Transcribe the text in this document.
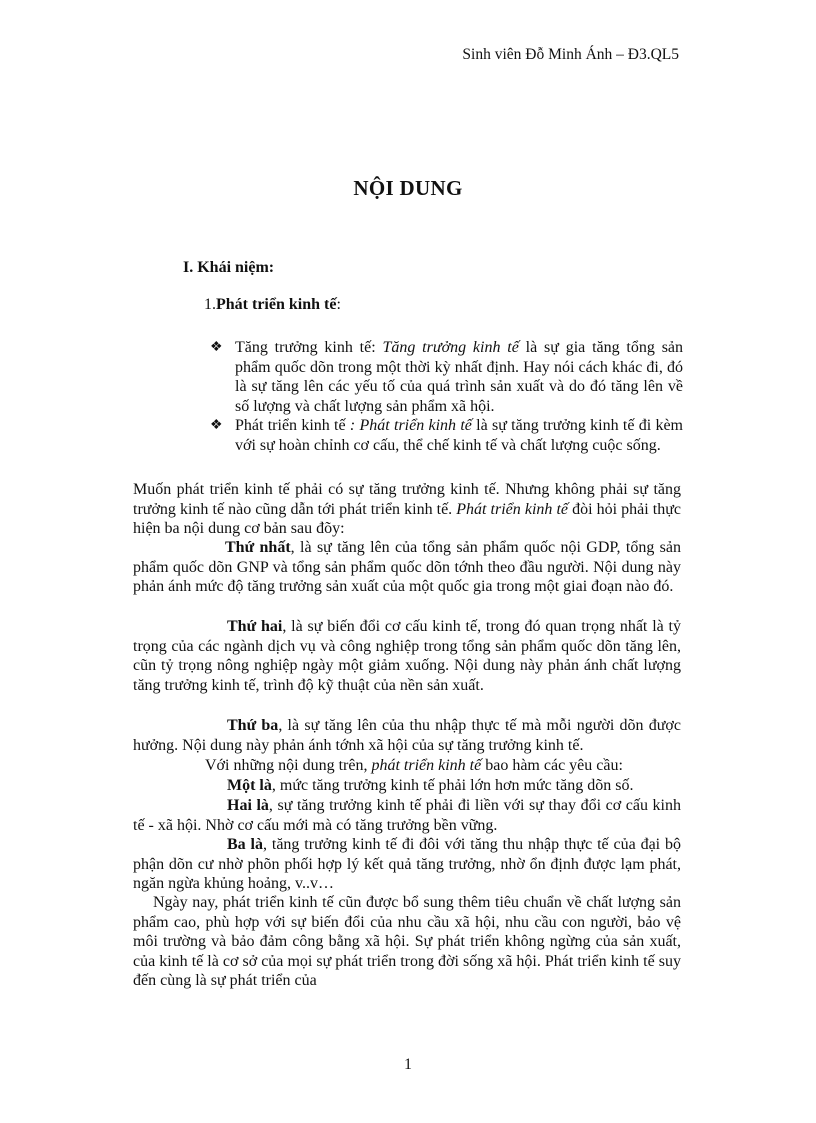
Sinh viên Đỗ Minh Ánh – Đ3.QL5
NỘI DUNG
I. Khái niệm:
1.Phát triển kinh tế:
❖ Tăng trưởng kinh tế: Tăng trưởng kinh tế là sự gia tăng tổng sản phẩm quốc dõn trong một thời kỳ nhất định. Hay nói cách khác đi, đó là sự tăng lên các yếu tố của quá trình sản xuất và do đó tăng lên về số lượng và chất lượng sản phẩm xã hội.
❖ Phát triển kinh tế : Phát triển kinh tế là sự tăng trưởng kinh tế đi kèm với sự hoàn chỉnh cơ cấu, thể chế kinh tế và chất lượng cuộc sống.

Muốn phát triển kinh tế phải có sự tăng trưởng kinh tế. Nhưng không phải sự tăng trưởng kinh tế nào cũng dẫn tới phát triển kinh tế. Phát triển kinh tế đòi hỏi phải thực hiện ba nội dung cơ bản sau đõy:

Thứ nhất, là sự tăng lên của tổng sản phẩm quốc nội GDP, tổng sản phẩm quốc dõn GNP và tổng sản phẩm quốc dõn tớnh theo đầu người. Nội dung này phản ánh mức độ tăng trưởng sản xuất của một quốc gia trong một giai đoạn nào đó.

Thứ hai, là sự biến đổi cơ cấu kinh tế, trong đó quan trọng nhất là tỷ trọng của các ngành dịch vụ và công nghiệp trong tổng sản phẩm quốc dõn tăng lên, cũn tỷ trọng nông nghiệp ngày một giảm xuống. Nội dung này phản ánh chất lượng tăng trưởng kinh tế, trình độ kỹ thuật của nền sản xuất.

Thứ ba, là sự tăng lên của thu nhập thực tế mà mỗi người dõn được hưởng. Nội dung này phản ánh tớnh xã hội của sự tăng trưởng kinh tế.

Với những nội dung trên, phát triển kinh tế bao hàm các yêu cầu:

Một là, mức tăng trưởng kinh tế phải lớn hơn mức tăng dõn số.

Hai là, sự tăng trưởng kinh tế phải đi liền với sự thay đổi cơ cấu kinh tế - xã hội. Nhờ cơ cấu mới mà có tăng trưởng bền vững.

Ba là, tăng trưởng kinh tế đi đôi với tăng thu nhập thực tế của đại bộ phận dõn cư nhờ phõn phối hợp lý kết quả tăng trưởng, nhờ ổn định được lạm phát, ngăn ngừa khủng hoảng, v..v…

Ngày nay, phát triển kinh tế cũn được bổ sung thêm tiêu chuẩn về chất lượng sản phẩm cao, phù hợp với sự biến đổi của nhu cầu xã hội, nhu cầu con người, bảo vệ môi trường và bảo đảm công bằng xã hội. Sự phát triển không ngừng của sản xuất, của kinh tế là cơ sở của mọi sự phát triển trong đời sống xã hội. Phát triển kinh tế suy đến cùng là sự phát triển của

1
